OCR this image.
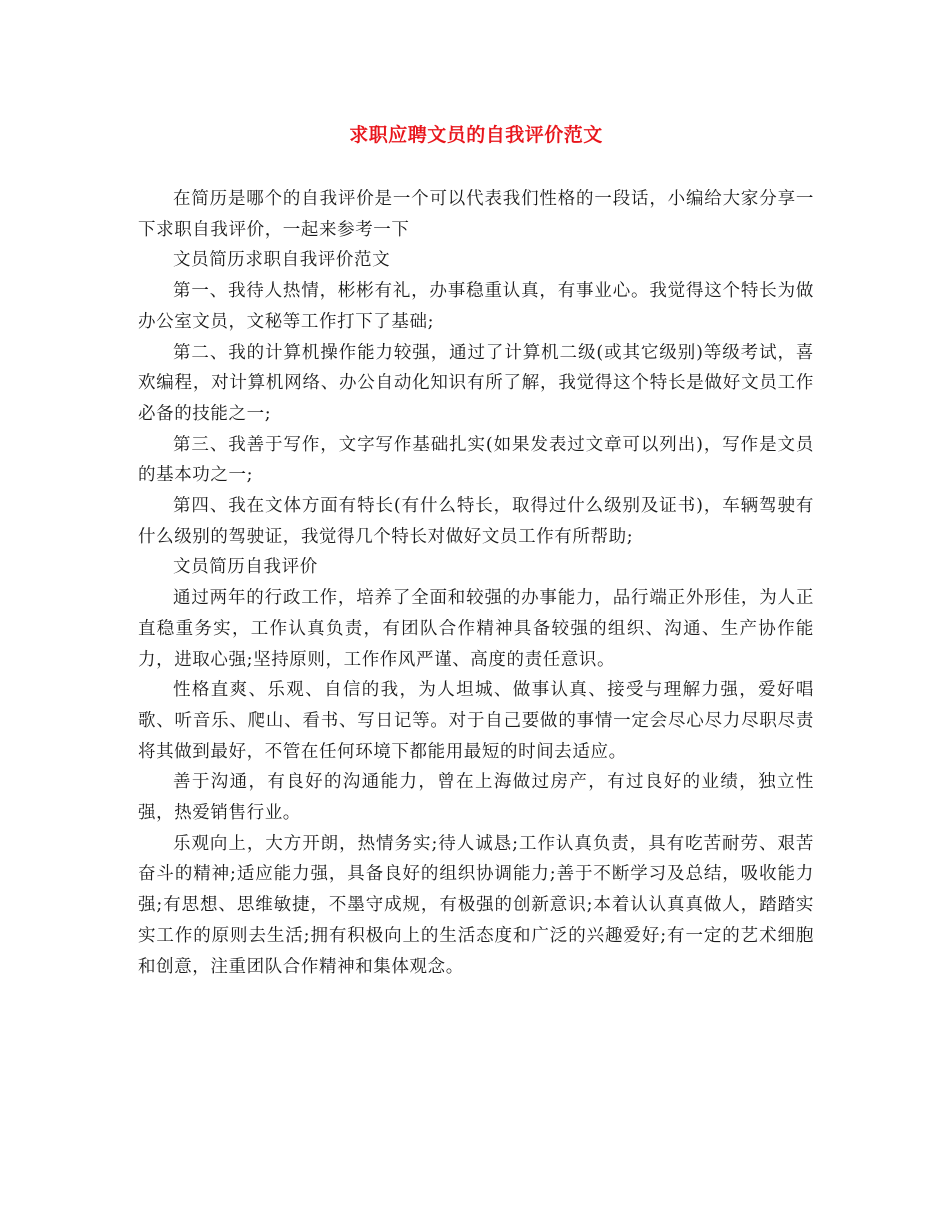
求职应聘文员的自我评价范文

在简历是哪个的自我评价是一个可以代表我们性格的一段话，小编给大家分享一下求职自我评价，一起来参考一下

文员简历求职自我评价范文

第一、我待人热情，彬彬有礼，办事稳重认真，有事业心。我觉得这个特长为做办公室文员，文秘等工作打下了基础;

第二、我的计算机操作能力较强，通过了计算机二级(或其它级别)等级考试，喜欢编程，对计算机网络、办公自动化知识有所了解，我觉得这个特长是做好文员工作必备的技能之一;

第三、我善于写作，文字写作基础扎实(如果发表过文章可以列出)，写作是文员的基本功之一;

第四、我在文体方面有特长(有什么特长，取得过什么级别及证书)，车辆驾驶有什么级别的驾驶证，我觉得几个特长对做好文员工作有所帮助;

文员简历自我评价

通过两年的行政工作，培养了全面和较强的办事能力，品行端正外形佳，为人正直稳重务实，工作认真负责，有团队合作精神具备较强的组织、沟通、生产协作能力，进取心强;坚持原则，工作作风严谨、高度的责任意识。

性格直爽、乐观、自信的我，为人坦城、做事认真、接受与理解力强，爱好唱歌、听音乐、爬山、看书、写日记等。对于自己要做的事情一定会尽心尽力尽职尽责将其做到最好，不管在任何环境下都能用最短的时间去适应。

善于沟通，有良好的沟通能力，曾在上海做过房产，有过良好的业绩，独立性强，热爱销售行业。

乐观向上，大方开朗，热情务实;待人诚恳;工作认真负责，具有吃苦耐劳、艰苦奋斗的精神;适应能力强，具备良好的组织协调能力;善于不断学习及总结，吸收能力强;有思想、思维敏捷，不墨守成规，有极强的创新意识;本着认认真真做人，踏踏实实工作的原则去生活;拥有积极向上的生活态度和广泛的兴趣爱好;有一定的艺术细胞和创意，注重团队合作精神和集体观念。
